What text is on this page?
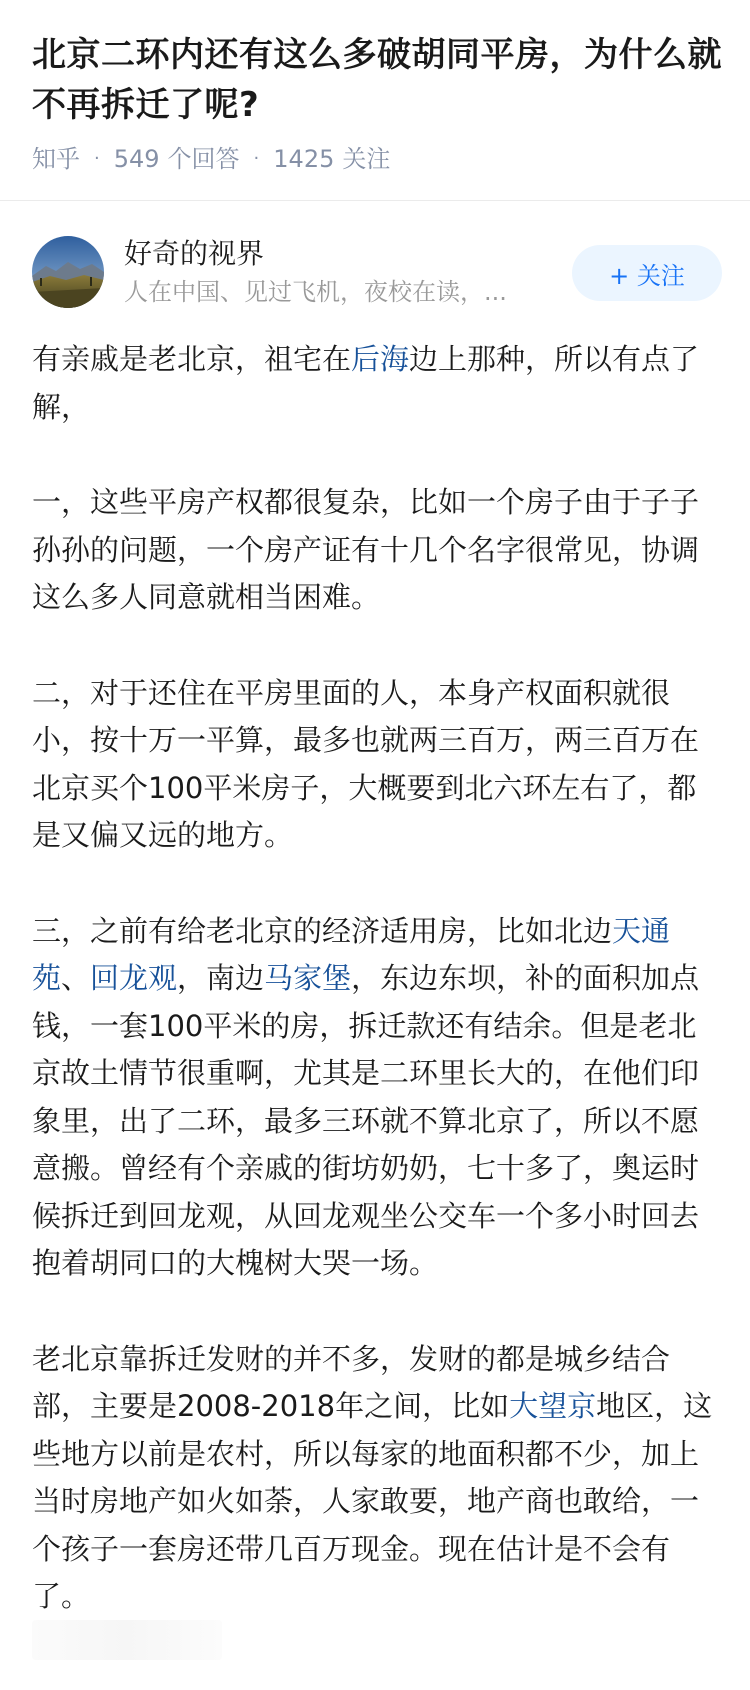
北京二环内还有这么多破胡同平房，为什么就不再拆迁了呢?
知乎 · 549 个回答 · 1425 关注
好奇的视界
人在中国、见过飞机，夜校在读，...
+ 关注

有亲戚是老北京，祖宅在后海边上那种，所以有点了解，

一，这些平房产权都很复杂，比如一个房子由于子子孙孙的问题，一个房产证有十几个名字很常见，协调这么多人同意就相当困难。

二，对于还住在平房里面的人，本身产权面积就很小，按十万一平算，最多也就两三百万，两三百万在北京买个100平米房子，大概要到北六环左右了，都是又偏又远的地方。

三，之前有给老北京的经济适用房，比如北边天通苑、回龙观，南边马家堡，东边东坝，补的面积加点钱，一套100平米的房，拆迁款还有结余。但是老北京故土情节很重啊，尤其是二环里长大的，在他们印象里，出了二环，最多三环就不算北京了，所以不愿意搬。曾经有个亲戚的街坊奶奶，七十多了，奥运时候拆迁到回龙观，从回龙观坐公交车一个多小时回去抱着胡同口的大槐树大哭一场。

老北京靠拆迁发财的并不多，发财的都是城乡结合部，主要是2008-2018年之间，比如大望京地区，这些地方以前是农村，所以每家的地面积都不少，加上当时房地产如火如荼，人家敢要，地产商也敢给，一个孩子一套房还带几百万现金。现在估计是不会有了。
